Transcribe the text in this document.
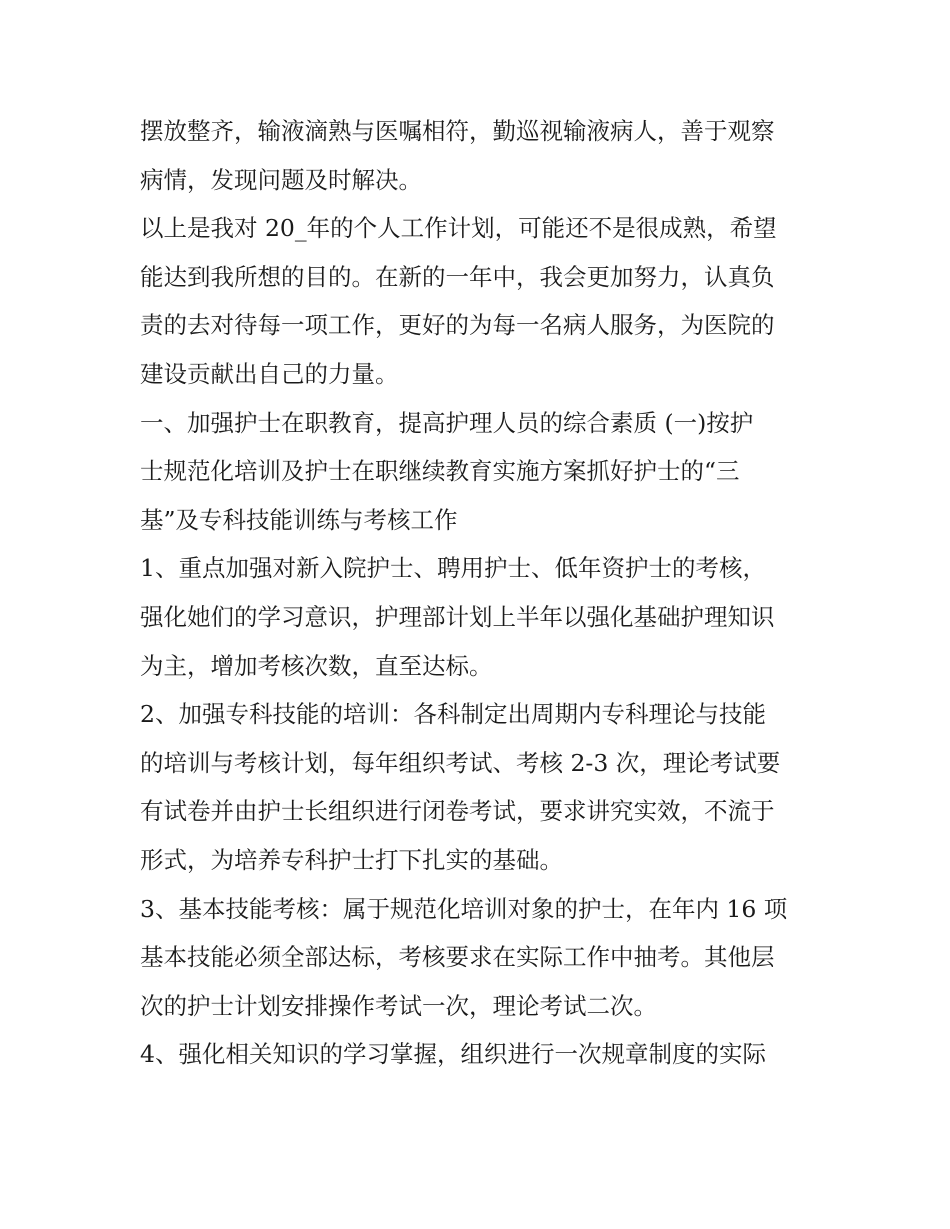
摆放整齐，输液滴熟与医嘱相符，勤巡视输液病人，善于观察
病情，发现问题及时解决。
以上是我对 20_年的个人工作计划，可能还不是很成熟，希望
能达到我所想的目的。在新的一年中，我会更加努力，认真负
责的去对待每一项工作，更好的为每一名病人服务，为医院的
建设贡献出自己的力量。
一、加强护士在职教育，提高护理人员的综合素质 (一)按护
士规范化培训及护士在职继续教育实施方案抓好护士的“三
基”及专科技能训练与考核工作
1、重点加强对新入院护士、聘用护士、低年资护士的考核，
强化她们的学习意识，护理部计划上半年以强化基础护理知识
为主，增加考核次数，直至达标。
2、加强专科技能的培训：各科制定出周期内专科理论与技能
的培训与考核计划，每年组织考试、考核 2-3 次，理论考试要
有试卷并由护士长组织进行闭卷考试，要求讲究实效，不流于
形式，为培养专科护士打下扎实的基础。
3、基本技能考核：属于规范化培训对象的护士，在年内 16 项
基本技能必须全部达标，考核要求在实际工作中抽考。其他层
次的护士计划安排操作考试一次，理论考试二次。
4、强化相关知识的学习掌握，组织进行一次规章制度的实际
